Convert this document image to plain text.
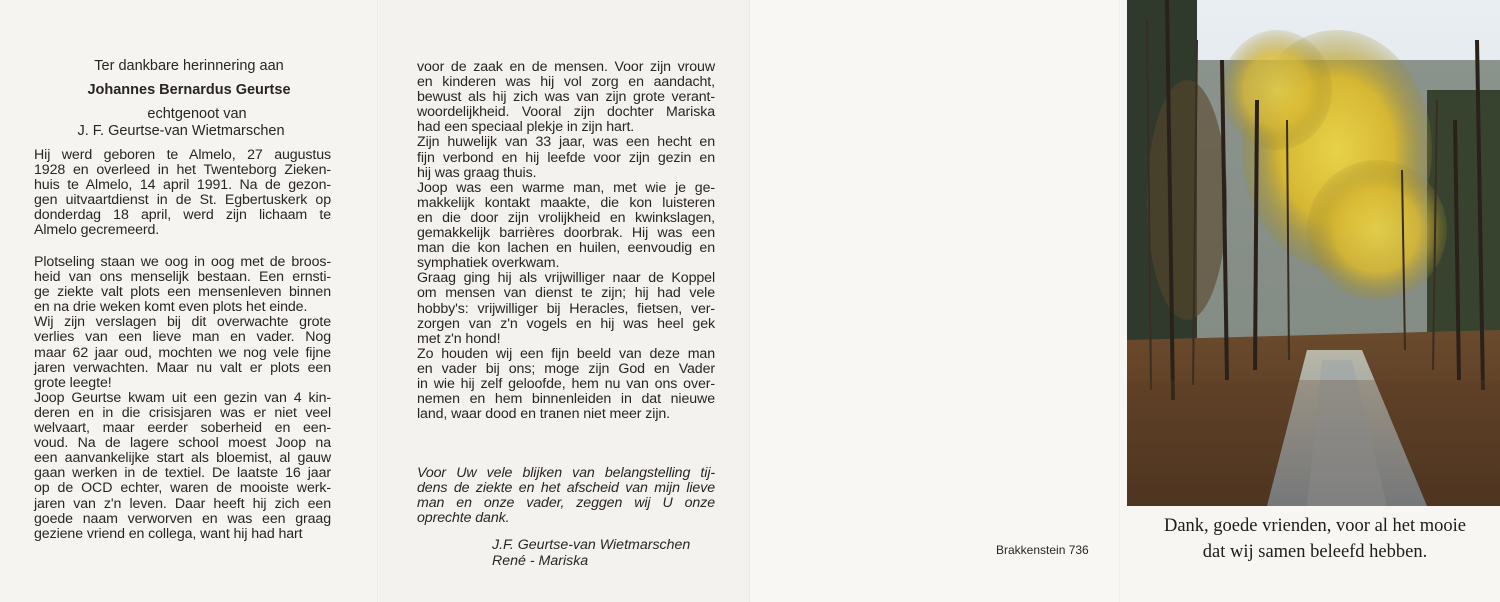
Ter dankbare herinnering aan
Johannes Bernardus Geurtse
echtgenoot van
J. F. Geurtse-van Wietmarschen
Hij werd geboren te Almelo, 27 augustus
1928 en overleed in het Twenteborg Zieken-
huis te Almelo, 14 april 1991. Na de gezon-
gen uitvaartdienst in de St. Egbertuskerk op
donderdag 18 april, werd zijn lichaam te
Almelo gecremeerd.
Plotseling staan we oog in oog met de broos-
heid van ons menselijk bestaan. Een ernsti-
ge ziekte valt plots een mensenleven binnen
en na drie weken komt even plots het einde.
Wij zijn verslagen bij dit overwachte grote
verlies van een lieve man en vader. Nog
maar 62 jaar oud, mochten we nog vele fijne
jaren verwachten. Maar nu valt er plots een
grote leegte!
Joop Geurtse kwam uit een gezin van 4 kin-
deren en in die crisisjaren was er niet veel
welvaart, maar eerder soberheid en een-
voud. Na de lagere school moest Joop na
een aanvankelijke start als bloemist, al gauw
gaan werken in de textiel. De laatste 16 jaar
op de OCD echter, waren de mooiste werk-
jaren van z'n leven. Daar heeft hij zich een
goede naam verworven en was een graag
geziene vriend en collega, want hij had hart
voor de zaak en de mensen. Voor zijn vrouw
en kinderen was hij vol zorg en aandacht,
bewust als hij zich was van zijn grote verant-
woordelijkheid. Vooral zijn dochter Mariska
had een speciaal plekje in zijn hart.
Zijn huwelijk van 33 jaar, was een hecht en
fijn verbond en hij leefde voor zijn gezin en
hij was graag thuis.
Joop was een warme man, met wie je ge-
makkelijk kontakt maakte, die kon luisteren
en die door zijn vrolijkheid en kwinkslagen,
gemakkelijk barrières doorbrak. Hij was een
man die kon lachen en huilen, eenvoudig en
symphatiek overkwam.
Graag ging hij als vrijwilliger naar de Koppel
om mensen van dienst te zijn; hij had vele
hobby's: vrijwilliger bij Heracles, fietsen, ver-
zorgen van z'n vogels en hij was heel gek
met z'n hond!
Zo houden wij een fijn beeld van deze man
en vader bij ons; moge zijn God en Vader
in wie hij zelf geloofde, hem nu van ons over-
nemen en hem binnenleiden in dat nieuwe
land, waar dood en tranen niet meer zijn.
Voor Uw vele blijken van belangstelling tij-
dens de ziekte en het afscheid van mijn lieve
man en onze vader, zeggen wij U onze
oprechte dank.
J.F. Geurtse-van Wietmarschen
René - Mariska
Brakkenstein 736
Dank, goede vrienden, voor al het mooie
dat wij samen beleefd hebben.
